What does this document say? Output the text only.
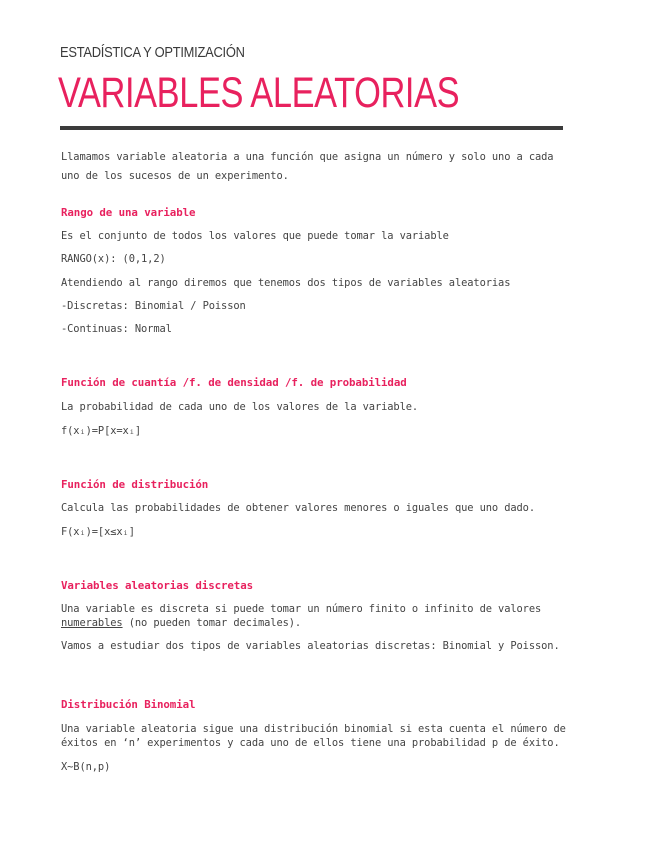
ESTADÍSTICA Y OPTIMIZACIÓN
VARIABLES ALEATORIAS
Llamamos variable aleatoria a una función que asigna un número y solo uno a cada
uno de los sucesos de un experimento.
Rango de una variable
Es el conjunto de todos los valores que puede tomar la variable
RANGO(x): (0,1,2)
Atendiendo al rango diremos que tenemos dos tipos de variables aleatorias
-Discretas: Binomial / Poisson
-Continuas: Normal
Función de cuantía /f. de densidad /f. de probabilidad
La probabilidad de cada uno de los valores de la variable.
f(xᵢ)=P[x=xᵢ]
Función de distribución
Calcula las probabilidades de obtener valores menores o iguales que uno dado.
F(xᵢ)=[x≤xᵢ]
Variables aleatorias discretas
Una variable es discreta si puede tomar un número finito o infinito de valores
numerables (no pueden tomar decimales).
Vamos a estudiar dos tipos de variables aleatorias discretas: Binomial y Poisson.
Distribución Binomial
Una variable aleatoria sigue una distribución binomial si esta cuenta el número de
éxitos en ‘n’ experimentos y cada uno de ellos tiene una probabilidad p de éxito.
X~B(n,p)
